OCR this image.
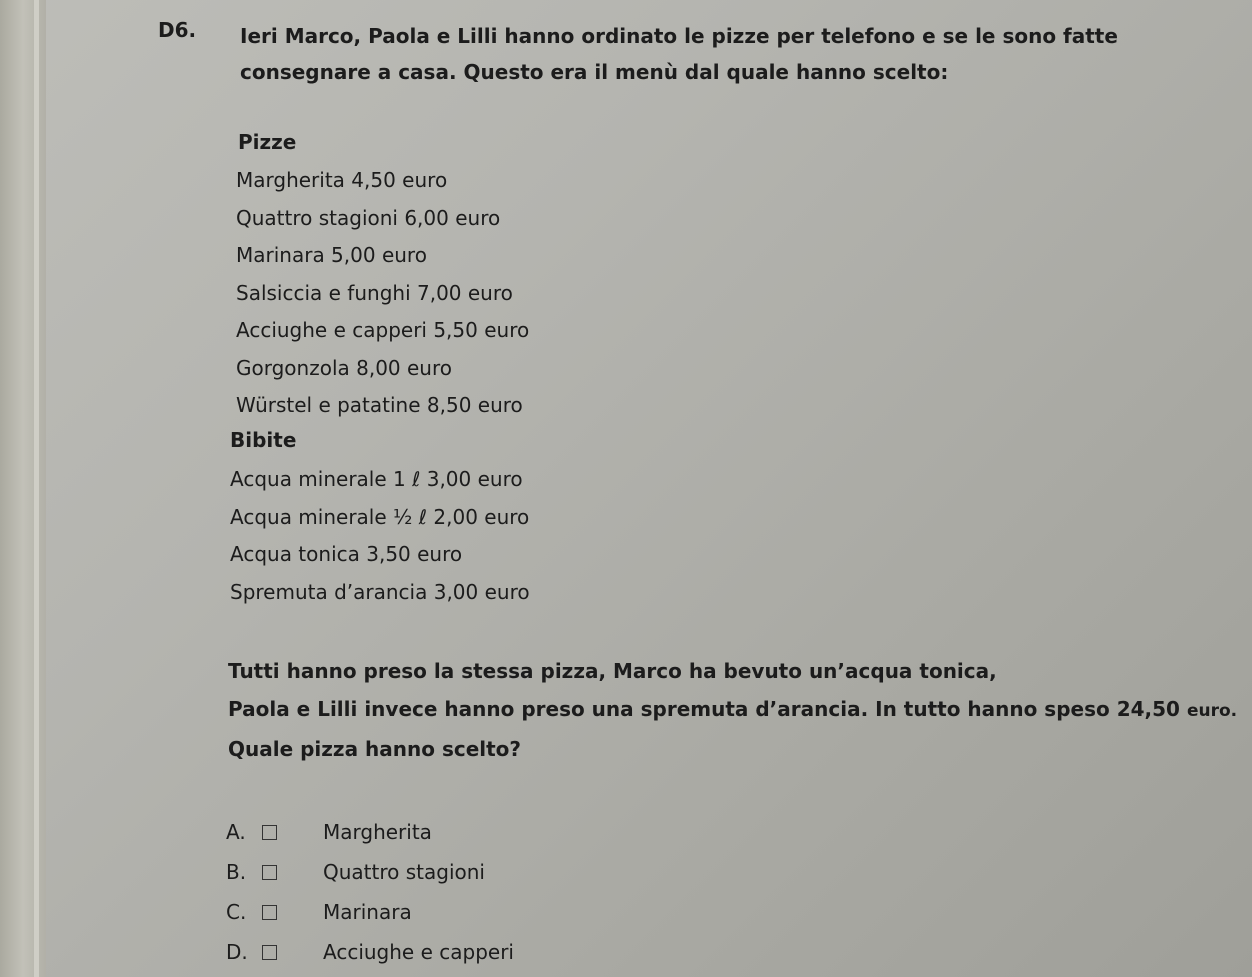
D6. Ieri Marco, Paola e Lilli hanno ordinato le pizze per telefono e se le sono fatte consegnare a casa. Questo era il menù dal quale hanno scelto:

Pizze
Margherita 4,50 euro
Quattro stagioni 6,00 euro
Marinara 5,00 euro
Salsiccia e funghi 7,00 euro
Acciughe e capperi 5,50 euro
Gorgonzola 8,00 euro
Würstel e patatine 8,50 euro
Bibite
Acqua minerale 1 ℓ 3,00 euro
Acqua minerale ½ ℓ 2,00 euro
Acqua tonica 3,50 euro
Spremuta d’arancia 3,00 euro

Tutti hanno preso la stessa pizza, Marco ha bevuto un’acqua tonica,
Paola e Lilli invece hanno preso una spremuta d’arancia. In tutto hanno speso 24,50 euro.
Quale pizza hanno scelto?

A.	Margherita
B.	Quattro stagioni
C.	Marinara
D.	Acciughe e capperi
